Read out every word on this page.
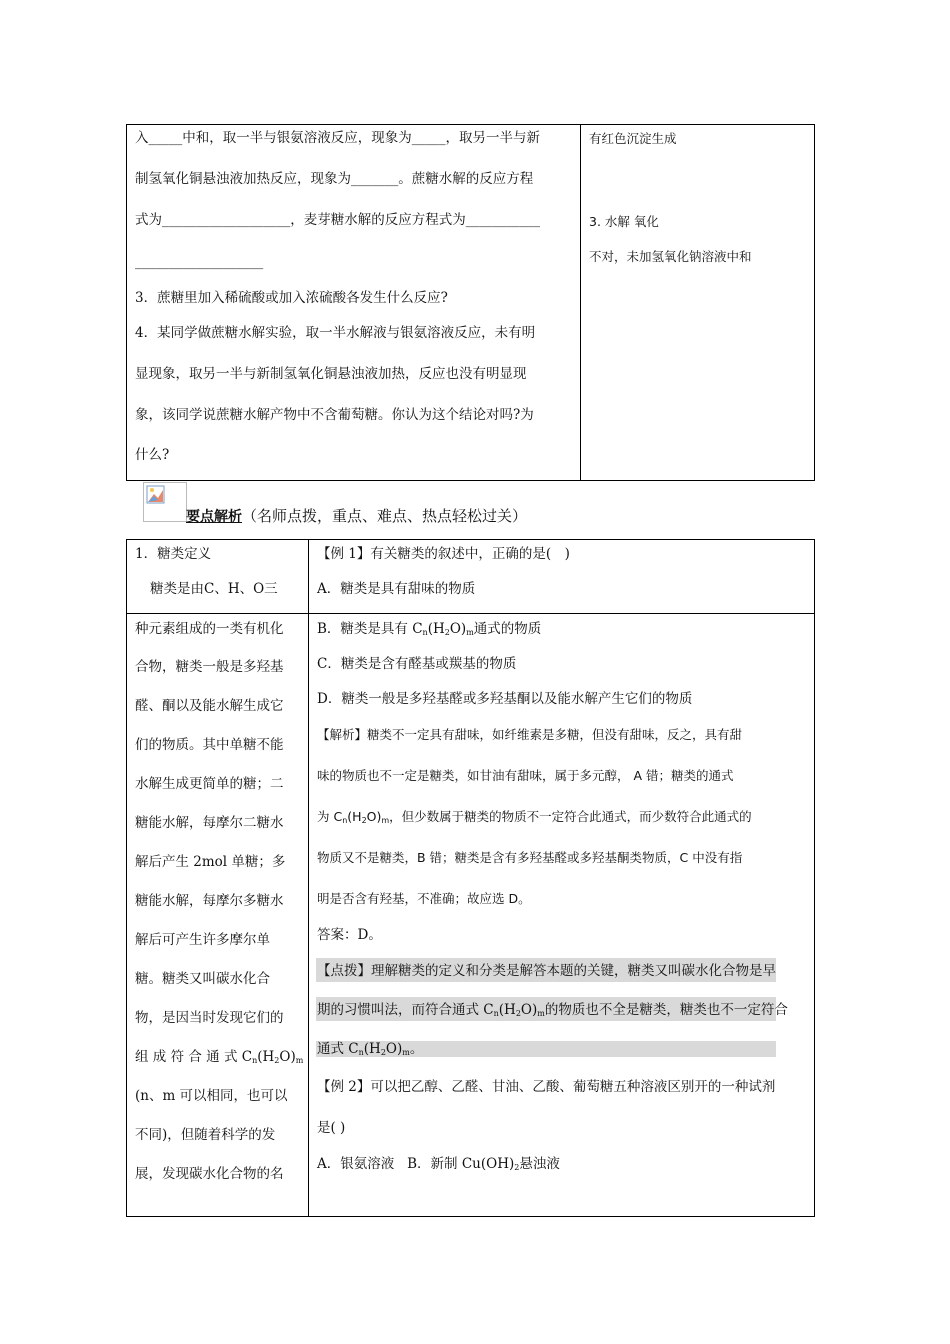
入_____中和，取一半与银氨溶液反应，现象为_____，取另一半与新
制氢氧化铜悬浊液加热反应，现象为_______。蔗糖水解的反应方程
式为___________________，麦芽糖水解的反应方程式为___________
___________________
3．蔗糖里加入稀硫酸或加入浓硫酸各发生什么反应?
4．某同学做蔗糖水解实验，取一半水解液与银氨溶液反应，未有明
显现象，取另一半与新制氢氧化铜悬浊液加热，反应也没有明显现
象，该同学说蔗糖水解产物中不含葡萄糖。你认为这个结论对吗?为
什么?
有红色沉淀生成
3. 水解 氧化
不对，未加氢氧化钠溶液中和
要点解析（名师点拨，重点、难点、热点轻松过关）
1．糖类定义
糖类是由C、H、O三
种元素组成的一类有机化
合物，糖类一般是多羟基
醛、酮以及能水解生成它
们的物质。其中单糖不能
水解生成更简单的糖；二
糖能水解，每摩尔二糖水
解后产生 2mol 单糖；多
糖能水解，每摩尔多糖水
解后可产生许多摩尔单
糖。糖类又叫碳水化合
物，是因当时发现它们的
组 成 符 合 通 式 $C_n(H_2O)_m$
(n、m 可以相同，也可以
不同)，但随着科学的发
展，发现碳水化合物的名
【例 1】有关糖类的叙述中，正确的是(　)
A．糖类是具有甜味的物质
B．糖类是具有 $C_n(H_2O)_m$通式的物质
C．糖类是含有醛基或羰基的物质
D．糖类一般是多羟基醛或多羟基酮以及能水解产生它们的物质
【解析】糖类不一定具有甜味，如纤维素是多糖，但没有甜味，反之，具有甜
味的物质也不一定是糖类，如甘油有甜味，属于多元醇， A 错；糖类的通式
为 $C_n(H_2O)_m$，但少数属于糖类的物质不一定符合此通式，而少数符合此通式的
物质又不是糖类，B 错；糖类是含有多羟基醛或多羟基酮类物质，C 中没有指
明是否含有羟基，不准确；故应选 D。
答案：D。
【点拨】理解糖类的定义和分类是解答本题的关键，糖类又叫碳水化合物是早
期的习惯叫法，而符合通式 $C_n(H_2O)_m$的物质也不全是糖类，糖类也不一定符合
通式 $C_n(H_2O)_m$。
【例 2】可以把乙醇、乙醛、甘油、乙酸、葡萄糖五种溶液区别开的一种试剂
是( )
A．银氨溶液 B．新制 $Cu(OH)_2$悬浊液
